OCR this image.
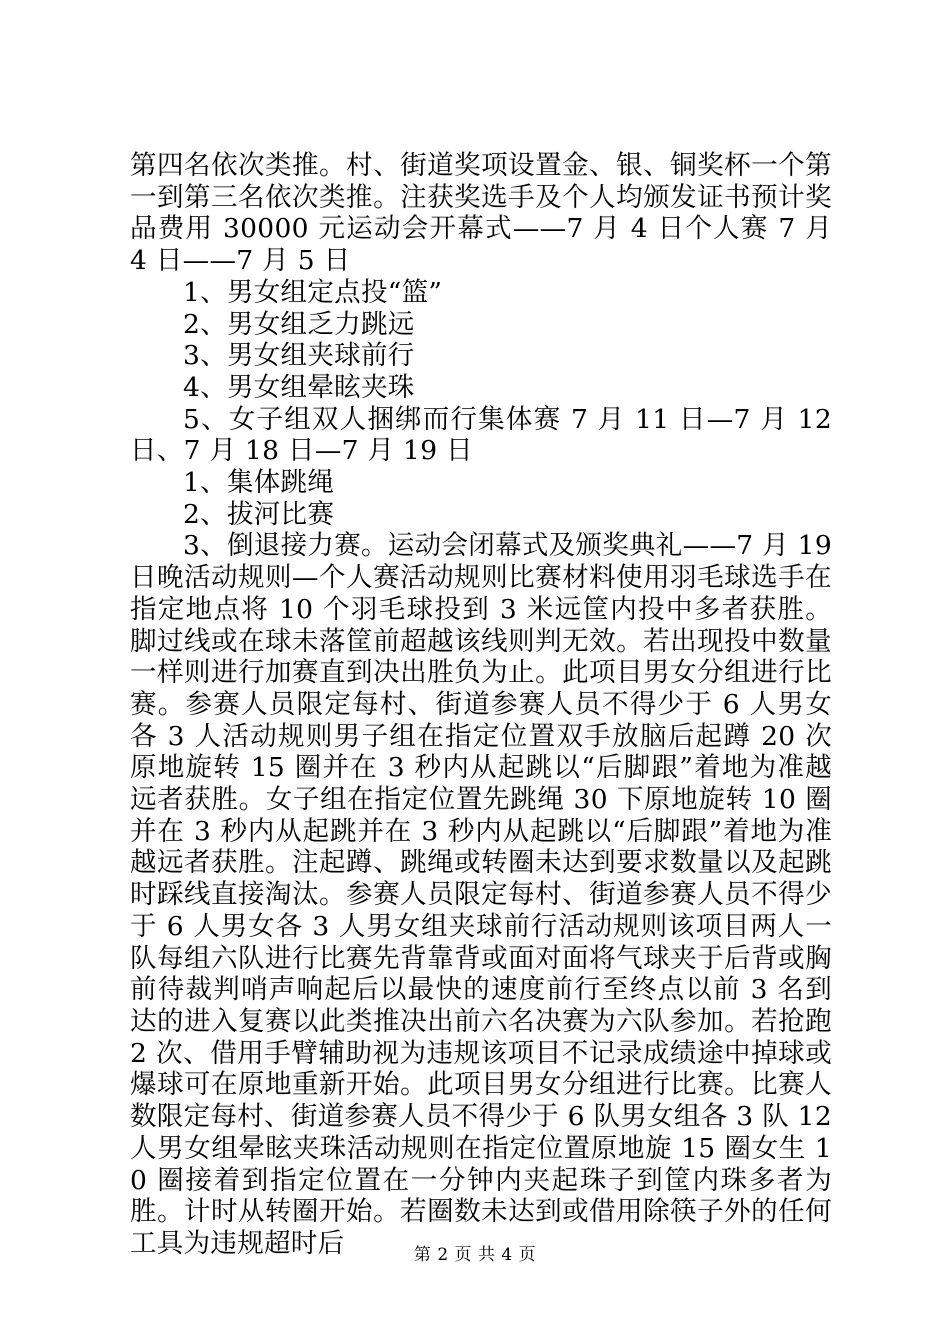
第四名依次类推。村、街道奖项设置金、银、铜奖杯一个第一到第三名依次类推。注获奖选手及个人均颁发证书预计奖品费用 30000 元运动会开幕式——7 月 4 日个人赛 7 月 4 日——7 月 5 日

1、男女组定点投“篮”

2、男女组乏力跳远

3、男女组夹球前行

4、男女组晕眩夹珠

5、女子组双人捆绑而行集体赛 7 月 11 日—7 月 12 日、7 月 18 日—7 月 19 日

1、集体跳绳

2、拔河比赛

3、倒退接力赛。运动会闭幕式及颁奖典礼——7 月 19 日晚活动规则—个人赛活动规则比赛材料使用羽毛球选手在指定地点将 10 个羽毛球投到 3 米远筐内投中多者获胜。脚过线或在球未落筐前超越该线则判无效。若出现投中数量一样则进行加赛直到决出胜负为止。此项目男女分组进行比赛。参赛人员限定每村、街道参赛人员不得少于 6 人男女各 3 人活动规则男子组在指定位置双手放脑后起蹲 20 次原地旋转 15 圈并在 3 秒内从起跳以“后脚跟”着地为准越远者获胜。女子组在指定位置先跳绳 30 下原地旋转 10 圈并在 3 秒内从起跳并在 3 秒内从起跳以“后脚跟”着地为准越远者获胜。注起蹲、跳绳或转圈未达到要求数量以及起跳时踩线直接淘汰。参赛人员限定每村、街道参赛人员不得少于 6 人男女各 3 人男女组夹球前行活动规则该项目两人一队每组六队进行比赛先背靠背或面对面将气球夹于后背或胸前待裁判哨声响起后以最快的速度前行至终点以前 3 名到达的进入复赛以此类推决出前六名决赛为六队参加。若抢跑 2 次、借用手臂辅助视为违规该项目不记录成绩途中掉球或爆球可在原地重新开始。此项目男女分组进行比赛。比赛人数限定每村、街道参赛人员不得少于 6 队男女组各 3 队 12 人男女组晕眩夹珠活动规则在指定位置原地旋 15 圈女生 10 圈接着到指定位置在一分钟内夹起珠子到筐内珠多者为胜。计时从转圈开始。若圈数未达到或借用除筷子外的任何工具为违规超时后	第 2 页 共 4 页
